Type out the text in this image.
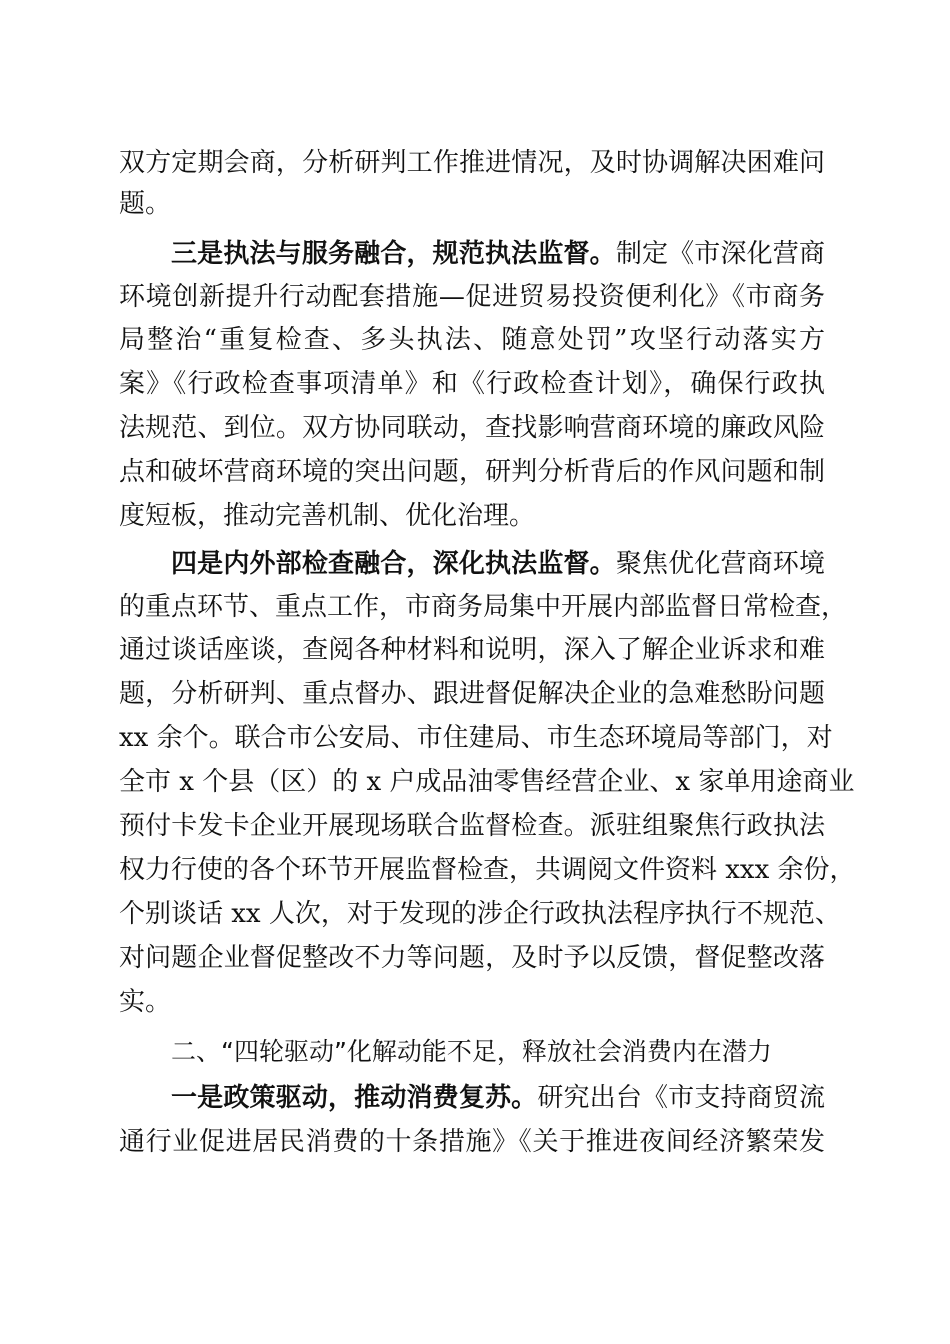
双方定期会商，分析研判工作推进情况，及时协调解决困难问
题。
三是执法与服务融合，规范执法监督。制定《市深化营商
环境创新提升行动配套措施—促进贸易投资便利化》《市商务
局整治“重复检查、多头执法、随意处罚”攻坚行动落实方
案》《行政检查事项清单》和《行政检查计划》，确保行政执
法规范、到位。双方协同联动，查找影响营商环境的廉政风险
点和破坏营商环境的突出问题，研判分析背后的作风问题和制
度短板，推动完善机制、优化治理。
四是内外部检查融合，深化执法监督。聚焦优化营商环境
的重点环节、重点工作，市商务局集中开展内部监督日常检查，
通过谈话座谈，查阅各种材料和说明，深入了解企业诉求和难
题，分析研判、重点督办、跟进督促解决企业的急难愁盼问题
xx 余个。联合市公安局、市住建局、市生态环境局等部门，对
全市 x 个县（区）的 x 户成品油零售经营企业、x 家单用途商业
预付卡发卡企业开展现场联合监督检查。派驻组聚焦行政执法
权力行使的各个环节开展监督检查，共调阅文件资料 xxx 余份，
个别谈话 xx 人次，对于发现的涉企行政执法程序执行不规范、
对问题企业督促整改不力等问题，及时予以反馈，督促整改落
实。
二、“四轮驱动”化解动能不足，释放社会消费内在潜力
一是政策驱动，推动消费复苏。研究出台《市支持商贸流
通行业促进居民消费的十条措施》《关于推进夜间经济繁荣发
